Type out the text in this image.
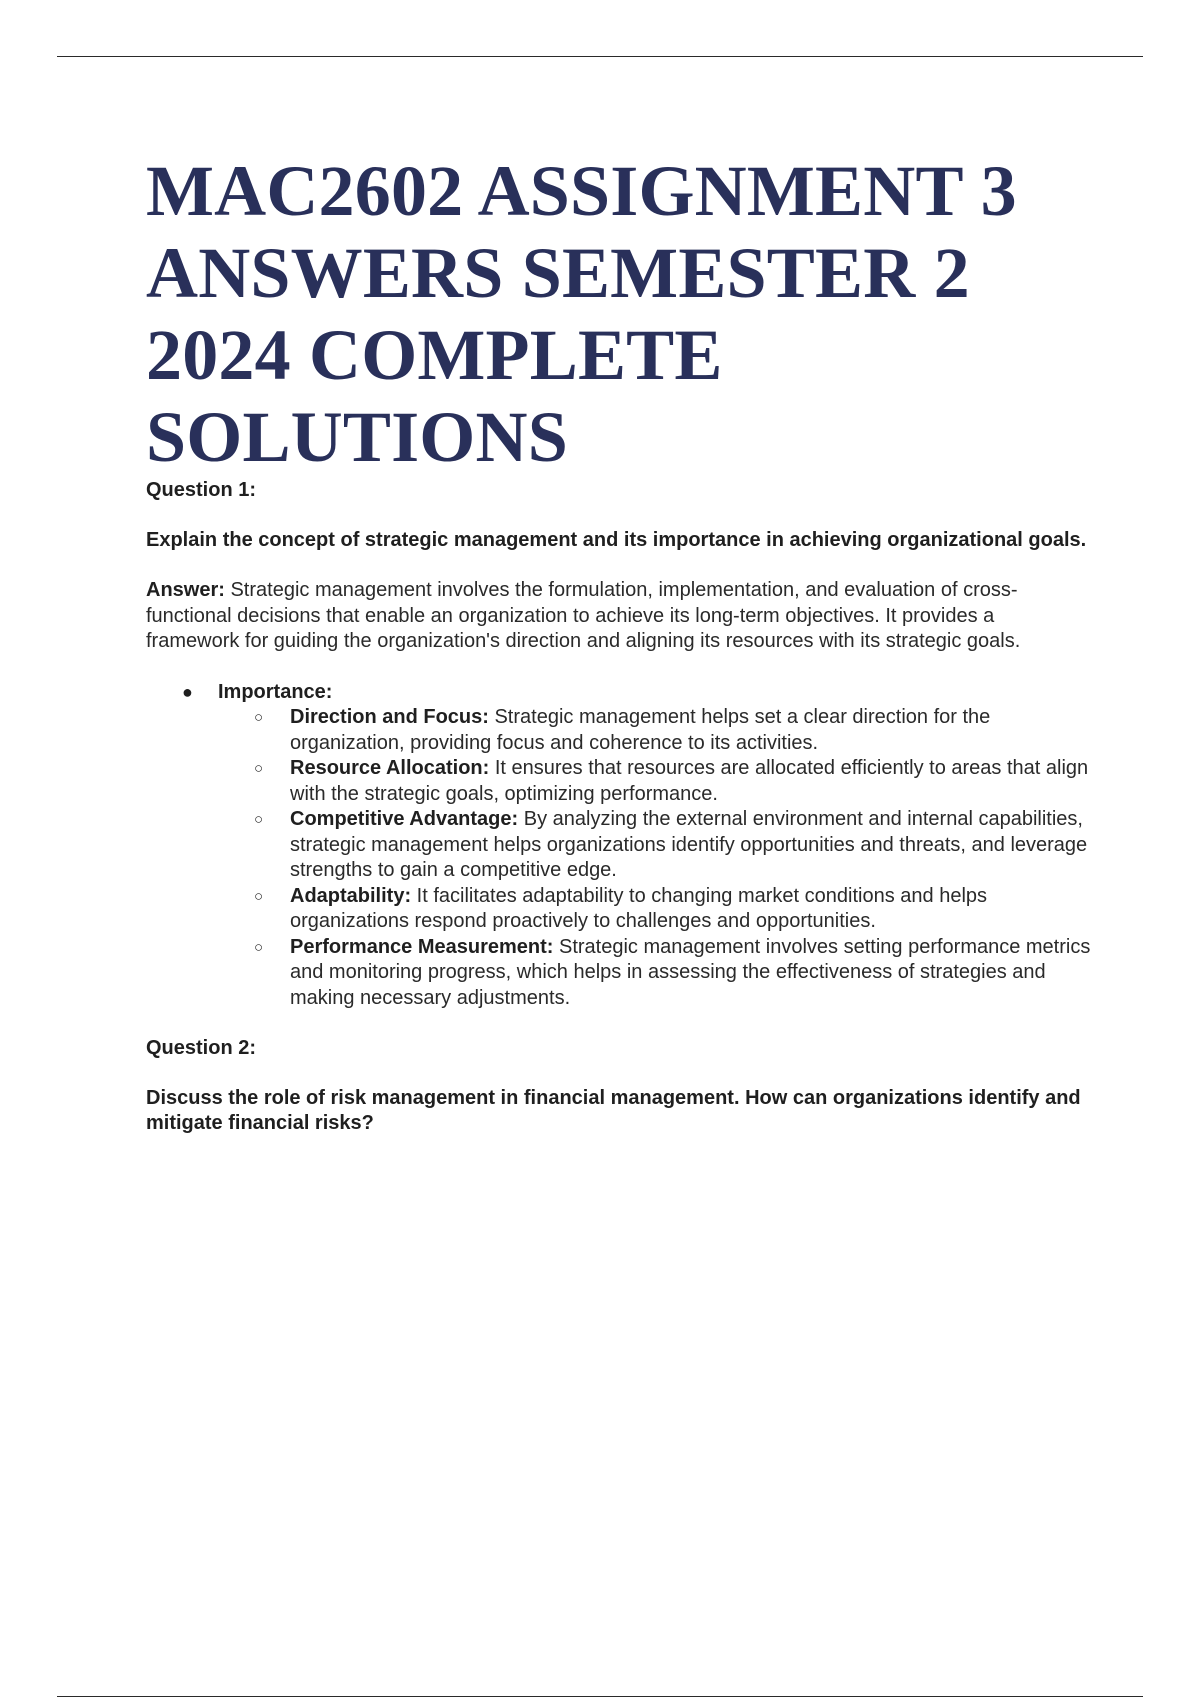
MAC2602 ASSIGNMENT 3
ANSWERS SEMESTER 2
2024 COMPLETE
SOLUTIONS

Question 1:

Explain the concept of strategic management and its importance in achieving organizational goals.

Answer: Strategic management involves the formulation, implementation, and evaluation of cross-functional decisions that enable an organization to achieve its long-term objectives. It provides a framework for guiding the organization's direction and aligning its resources with its strategic goals.

● Importance:
○ Direction and Focus: Strategic management helps set a clear direction for the organization, providing focus and coherence to its activities.
○ Resource Allocation: It ensures that resources are allocated efficiently to areas that align with the strategic goals, optimizing performance.
○ Competitive Advantage: By analyzing the external environment and internal capabilities, strategic management helps organizations identify opportunities and threats, and leverage strengths to gain a competitive edge.
○ Adaptability: It facilitates adaptability to changing market conditions and helps organizations respond proactively to challenges and opportunities.
○ Performance Measurement: Strategic management involves setting performance metrics and monitoring progress, which helps in assessing the effectiveness of strategies and making necessary adjustments.

Question 2:

Discuss the role of risk management in financial management. How can organizations identify and mitigate financial risks?
